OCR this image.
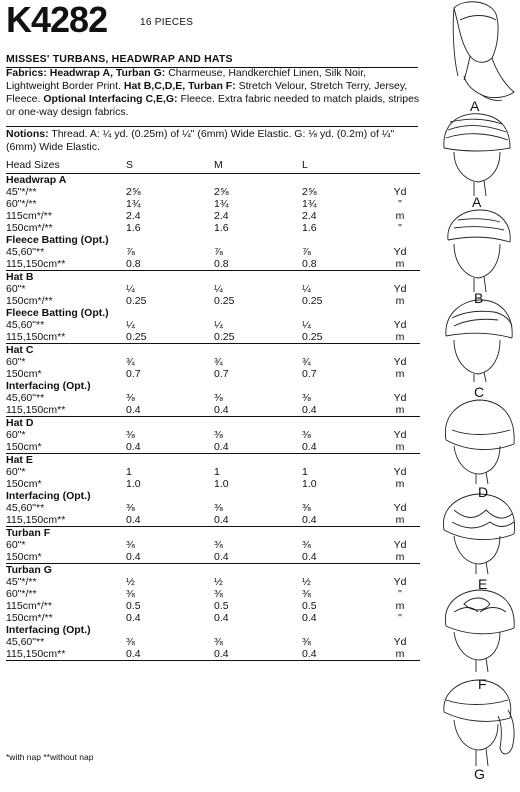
K4282	16 PIECES
MISSES' TURBANS, HEADWRAP AND HATS
Fabrics: Headwrap A, Turban G: Charmeuse, Handkerchief Linen, Silk Noir, Lightweight Border Print. Hat B,C,D,E, Turban F: Stretch Velour, Stretch Terry, Jersey, Fleece. Optional Interfacing C,E,G: Fleece. Extra fabric needed to match plaids, stripes or one-way design fabrics.
Notions: Thread. A: ¼ yd. (0.25m) of ¼" (6mm) Wide Elastic. G: ⅛ yd. (0.2m) of ¼" (6mm) Wide Elastic.
Head Sizes	S	M	L	
Headwrap A				
45"*/**	2⅝	2⅝	2⅝	Yd
60"*/**	1¾	1¾	1¾	"
115cm*/**	2.4	2.4	2.4	m
150cm*/**	1.6	1.6	1.6	"
Fleece Batting (Opt.)				
45,60"**	⅞	⅞	⅞	Yd
115,150cm**	0.8	0.8	0.8	m
Hat B				
60"*	¼	¼	¼	Yd
150cm*/**	0.25	0.25	0.25	m
Fleece Batting (Opt.)				
45,60"**	¼	¼	¼	Yd
115,150cm**	0.25	0.25	0.25	m
Hat C				
60"*	¾	¾	¾	Yd
150cm*	0.7	0.7	0.7	m
Interfacing (Opt.)				
45,60"**	⅜	⅜	⅜	Yd
115,150cm**	0.4	0.4	0.4	m
Hat D				
60"*	⅜	⅜	⅜	Yd
150cm*	0.4	0.4	0.4	m
Hat E				
60"*	1	1	1	Yd
150cm*	1.0	1.0	1.0	m
Interfacing (Opt.)				
45,60"**	⅜	⅜	⅜	Yd
115,150cm**	0.4	0.4	0.4	m
Turban F				
60"*	⅜	⅜	⅜	Yd
150cm*	0.4	0.4	0.4	m
Turban G				
45"*/**	½	½	½	Yd
60"*/**	⅜	⅜	⅜	"
115cm*/**	0.5	0.5	0.5	m
150cm*/**	0.4	0.4	0.4	"
Interfacing (Opt.)				
45,60"**	⅜	⅜	⅜	Yd
115,150cm**	0.4	0.4	0.4	m
*with nap **without nap
A
A
B
C
D
E
F
G
